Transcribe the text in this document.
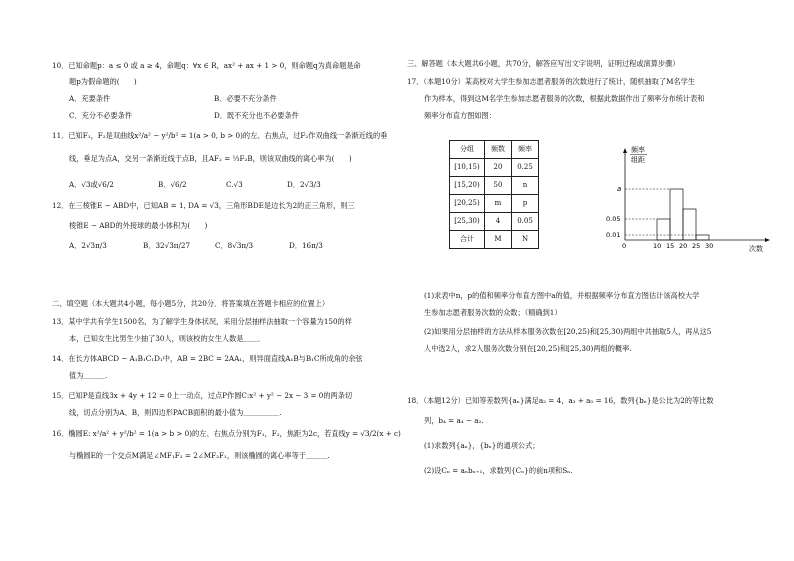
10．已知命题p：a ≤ 0 或 a ≥ 4，命题q：∀x ∈ R，ax² + ax + 1 > 0，则命题q为真命题是命
题p为假命题的(　　)
A．充要条件	B．必要不充分条件
C．充分不必要条件	D．既不充分也不必要条件
11．已知F₁，F₂是双曲线x²/a² − y²/b² = 1(a > 0, b > 0)的左、右焦点，过F₂作双曲线一条渐近线的垂
线，垂足为点A，交另一条渐近线于点B，且AF₂ = ⅓F₂B，则该双曲线的离心率为(　　)
A．√3或√6/2	B．√6/2	C.√3	D．2√3/3
12．在三棱锥E − ABD中，已知AB = 1, DA = √3，三角形BDE是边长为2的正三角形，则三
棱锥E − ABD的外接球的最小体积为(　　)
A．2√3π/3	B．32√3π/27	C．8√3π/3	D．16π/3
二、填空题（本大题共4小题，每小题5分，共20分．将答案填在答题卡相应的位置上）
13．某中学共有学生1500名，为了解学生身体状况，采用分层抽样法抽取一个容量为150的样
本，已知女生比男生少抽了30人，则该校的女生人数是＿＿．
14．在长方体ABCD − A₁B₁C₁D₁中，AB = 2BC = 2AA₁，则异面直线A₁B与B₁C所成角的余弦
值为＿＿＿.
15．已知P是直线3x + 4y + 12 = 0上一动点，过点P作圆C:x² + y² − 2x − 3 = 0的两条切
线，切点分别为A、B，则四边形PACB面积的最小值为＿＿＿＿＿.
16．椭圆E: x²/a² + y²/b² = 1(a > b > 0)的左、右焦点分别为F₁，F₂，焦距为2c，若直线y = √3/2(x + c)
与椭圆E的一个交点M满足∠MF₁F₂ = 2∠MF₂F₁，则该椭圆的离心率等于＿＿＿.
三、解答题（本大题共6小题，共70分，解答应写出文字说明，证明过程或演算步骤）
17．（本题10分）某高校对大学生参加志愿者服务的次数进行了统计，随机抽取了M名学生
作为样本，得到这M名学生参加志愿者服务的次数，根据此数据作出了频率分布统计表和
频率分布直方图如图：
分组	频数	频率
[10,15)	20	0.25
[15,20)	50	n
[20,25)	m	p
[25,30)	4	0.05
合计	M	N
频率
组距
a
0.05
0.01
0	10 15 20 25 30	次数
(1)求表中n，p的值和频率分布直方图中a的值，并根据频率分布直方图估计该高校大学
生参加志愿者服务次数的众数；（精确到1）
(2)如果用分层抽样的方法从样本服务次数在[20,25)和[25,30)两组中共抽取5人，再从这5
人中选2人，求2人服务次数分别在[20,25)和[25,30)两组的概率.
18．（本题12分）已知等差数列{aₙ}满足a₂ = 4，a₃ + a₅ = 16，数列{bₙ}是公比为2的等比数
列，b₄ = a₄ − a₂.
(1)求数列{aₙ}，{bₙ}的通项公式；
(2)设Cₙ = aₙbₙ₊₁，求数列{Cₙ}的前n项和Sₙ.
